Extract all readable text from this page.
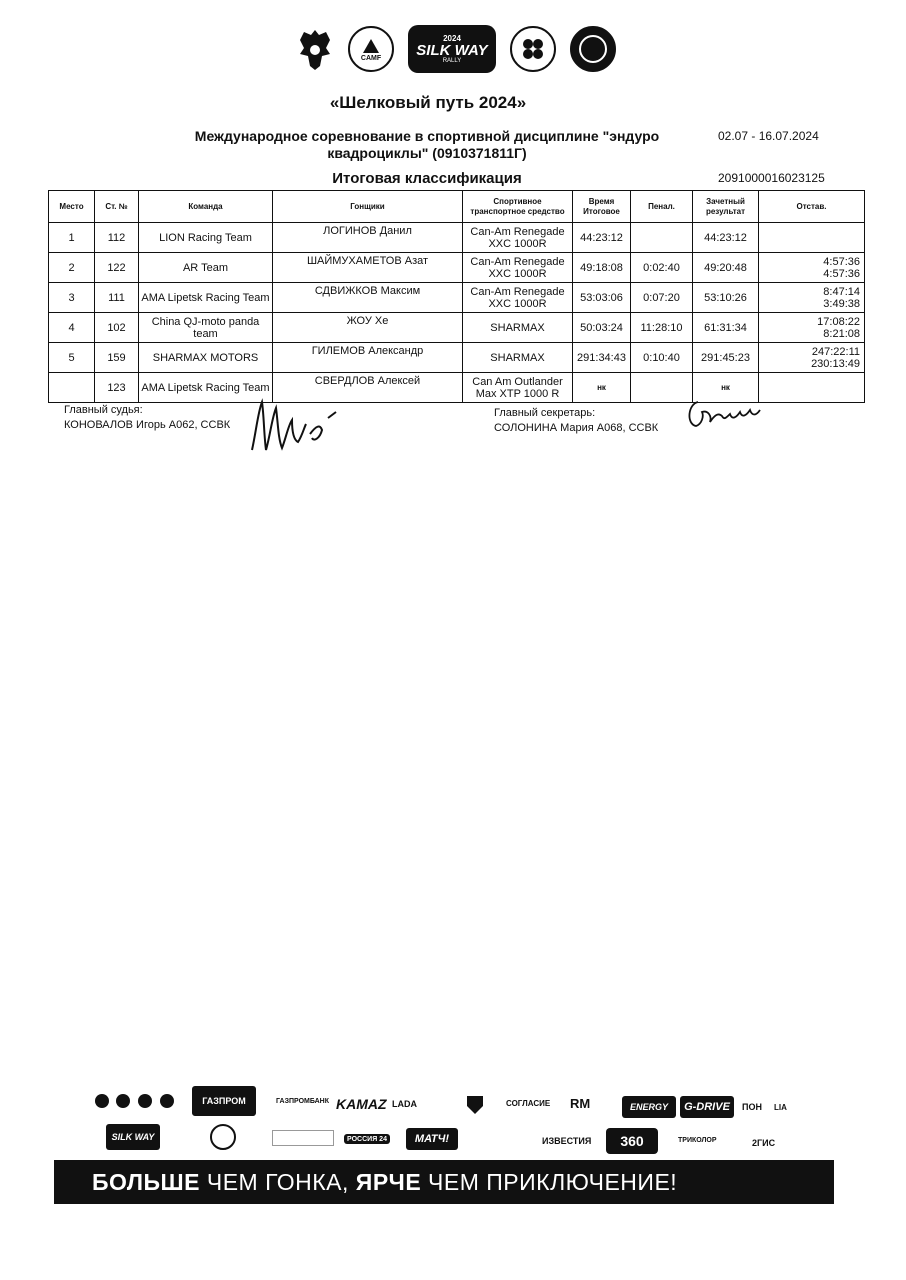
CAMF
2024
SILK WAY
RALLY
«Шелковый путь 2024»
Международное соревнование в спортивной дисциплине "эндуро квадроциклы" (0910371811Г)
02.07 - 16.07.2024
Итоговая классификация	2091000016023125
Место	Ст. №	Команда	Гонщики	Спортивное транспортное средство	Время Итоговое	Пенал.	Зачетный результат	Отстав.
1	112	LION Racing Team	ЛОГИНОВ Данил	Can-Am Renegade XXC 1000R	44:23:12		44:23:12	

2	122	AR Team	ШАЙМУХАМЕТОВ Азат	Can-Am Renegade XXC 1000R	49:18:08	0:02:40	49:20:48	4:57:36
4:57:36

3	111	AMA Lipetsk Racing Team	СДВИЖКОВ Максим	Can-Am Renegade XXC 1000R	53:03:06	0:07:20	53:10:26	8:47:14
3:49:38

4	102	China QJ-moto panda team	ЖОУ Хе	SHARMAX	50:03:24	11:28:10	61:31:34	17:08:22
8:21:08

5	159	SHARMAX MOTORS	ГИЛЕМОВ Александр	SHARMAX	291:34:43	0:10:40	291:45:23	247:22:11
230:13:49

	123	AMA Lipetsk Racing Team	СВЕРДЛОВ Алексей	Can Am Outlander Max XTP 1000 R	нк		нк	
Главный судья:
КОНОВАЛОВ Игорь А062, ССВК
Главный секретарь:
СОЛОНИНА Мария А068, ССВК
ГАЗПРОМ	ГАЗПРОМБАНК KAMAZ LADA	СОГЛАСИЕ RM	ENERGY	G-DRIVE	ПОН LIA
SILK WAY	РОССИЯ 24	МАТЧ!	ИЗВЕСТИЯ	360	ТРИКОЛОР	2ГИС
БОЛЬШЕ ЧЕМ ГОНКА, ЯРЧЕ ЧЕМ ПРИКЛЮЧЕНИЕ!
